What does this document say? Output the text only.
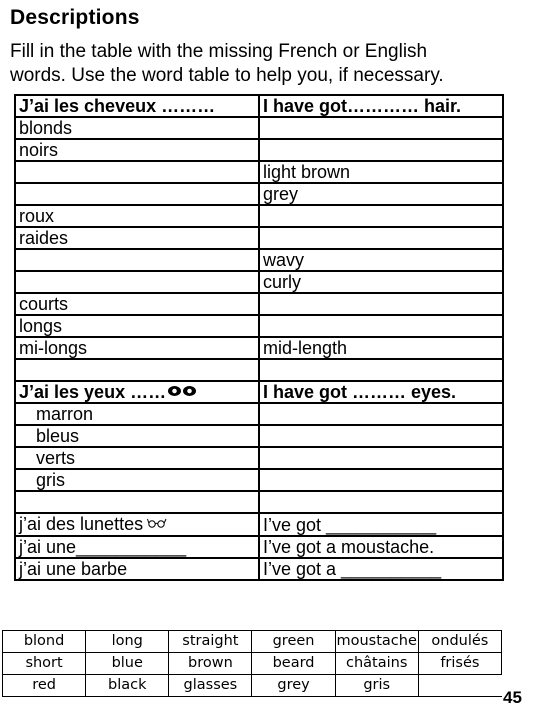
Descriptions
Fill in the table with the missing French or English
words. Use the word table to help you, if necessary.
J’ai les cheveux ………	I have got………… hair.
blonds	
noirs	
	light brown
	grey
roux	
raides	
	wavy
	curly
courts	
longs	
mi-longs	mid-length

J’ai les yeux ……	I have got ……… eyes.
marron	
bleus	
verts	
gris	

j’ai des lunettes	I’ve got ___________
j’ai une___________	I’ve got a moustache.
j’ai une barbe	I’ve got a __________
blond	long	straight	green	moustache	ondulés
short	blue	brown	beard	châtains	frisés
red	black	glasses	grey	gris	
45
